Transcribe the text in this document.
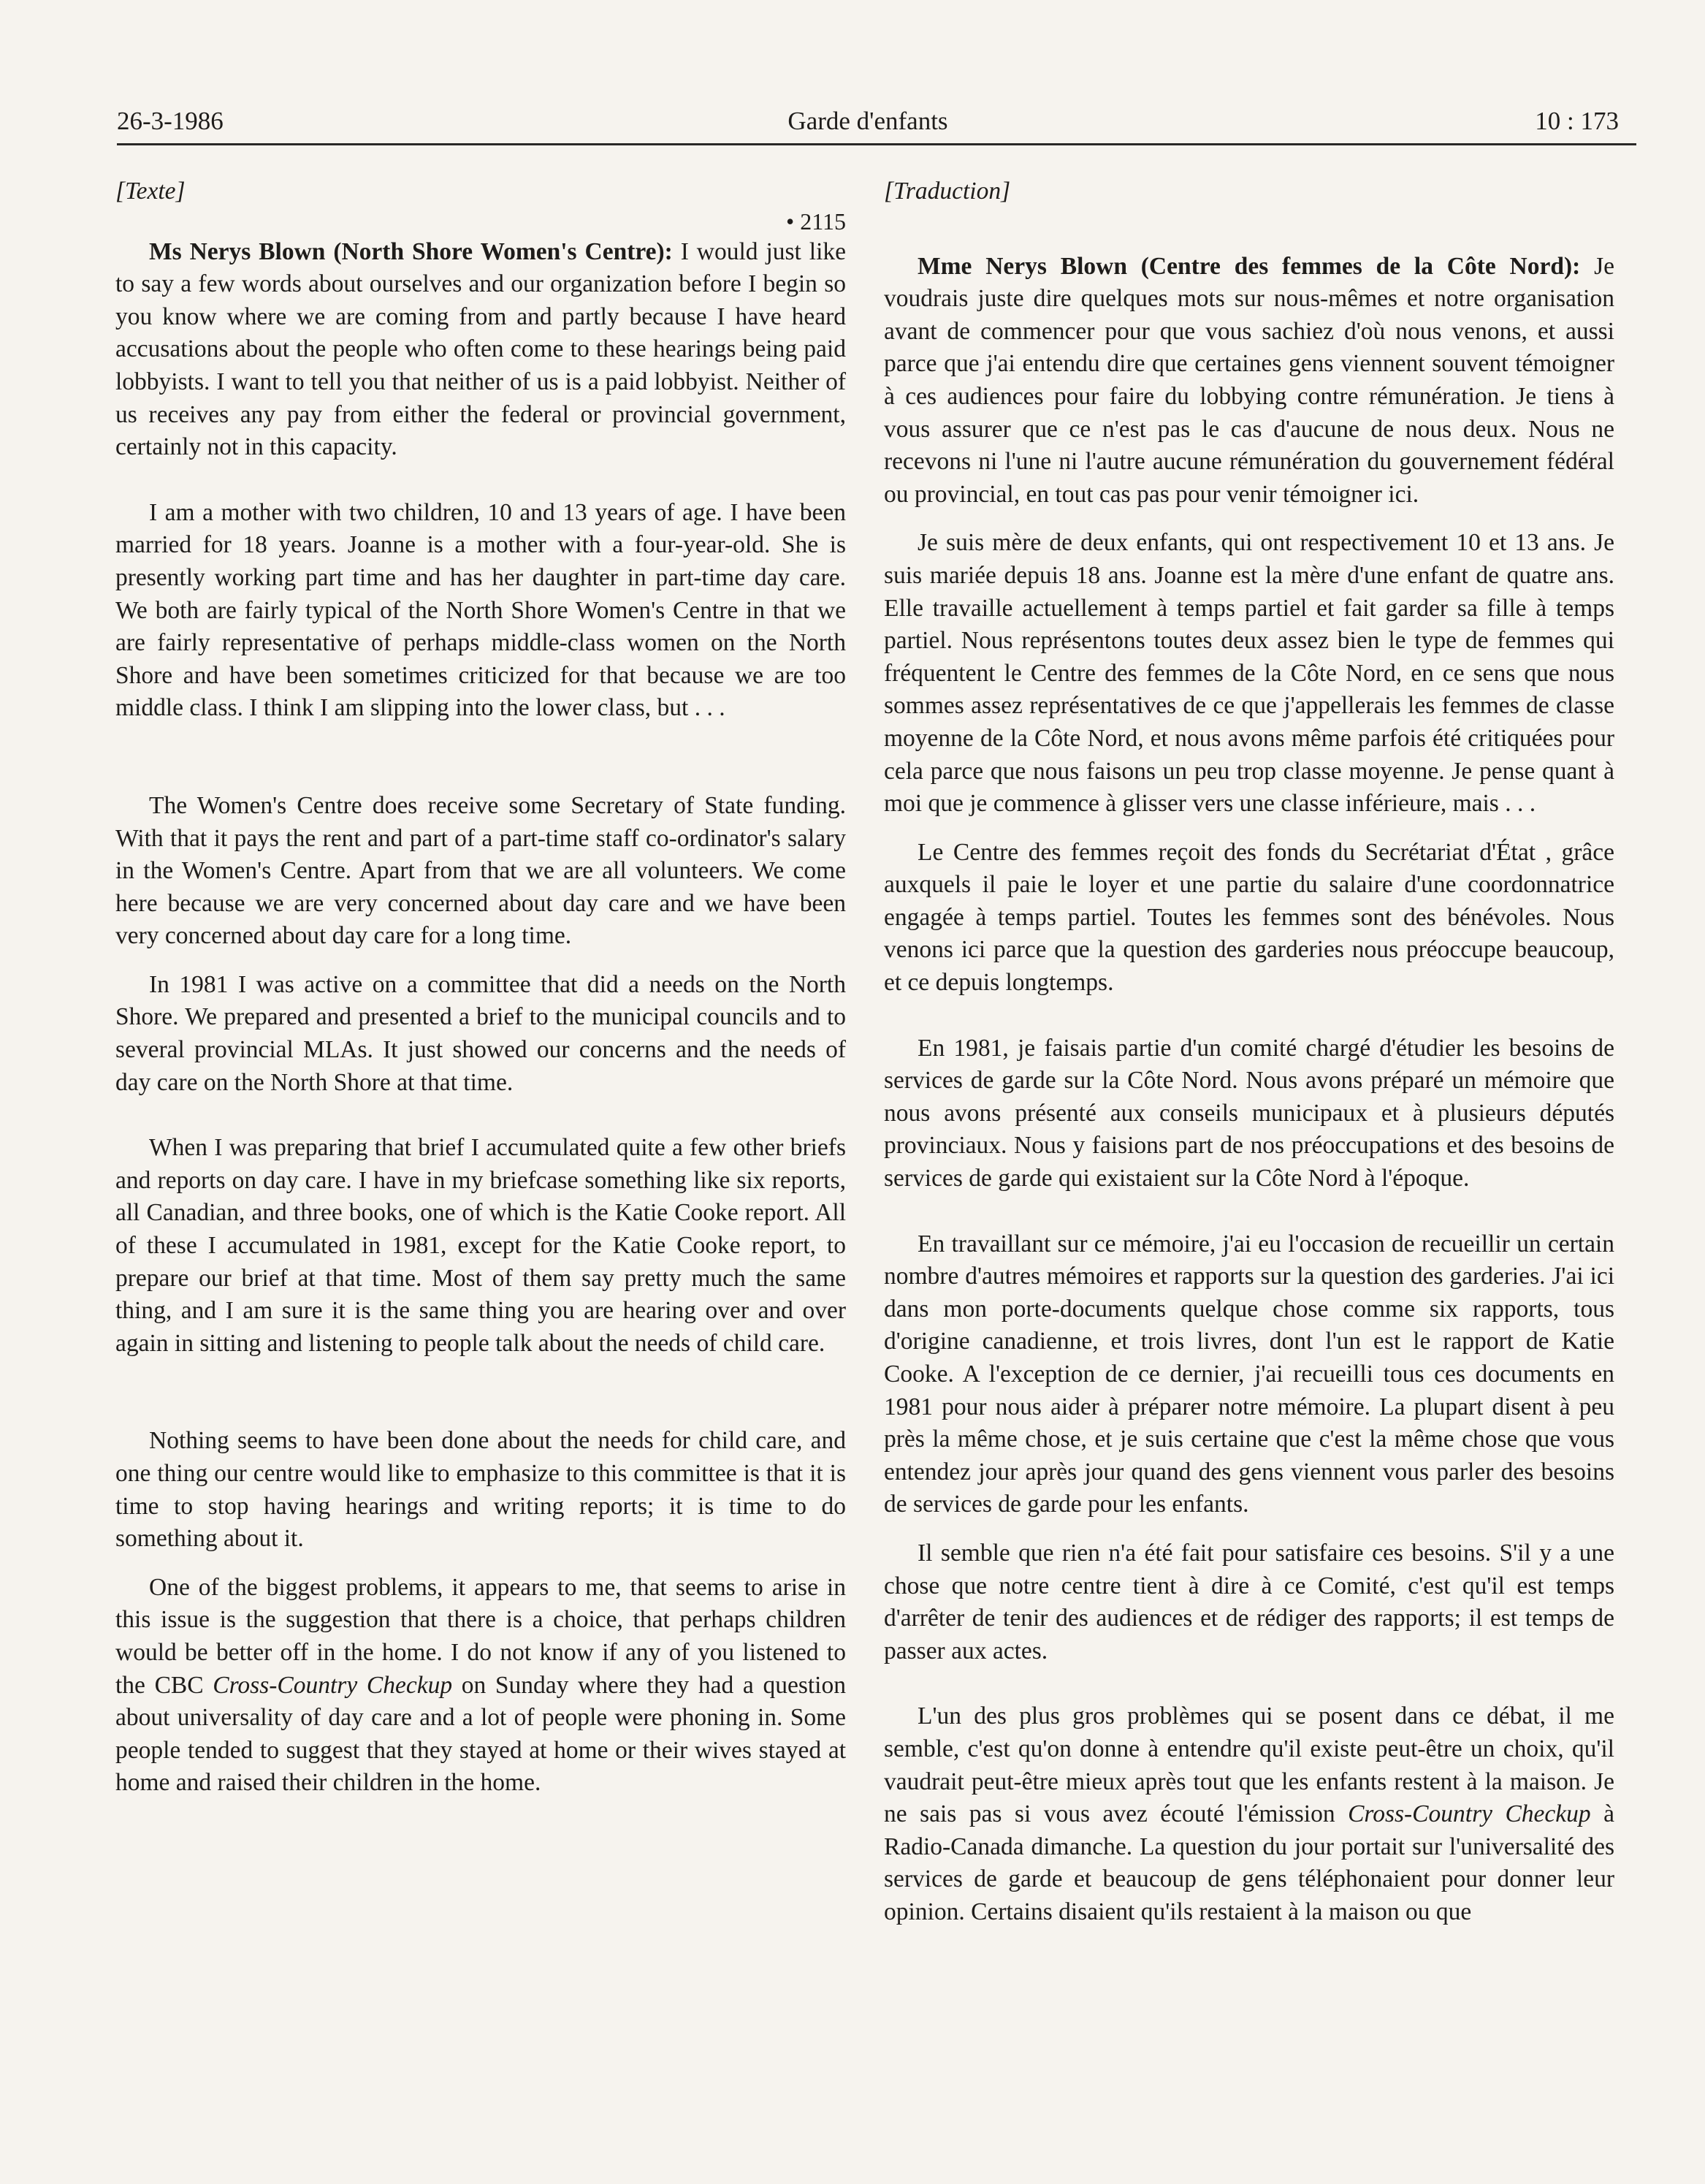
26-3-1986	Garde d'enfants	10 : 173

[Texte]

• 2115

Ms Nerys Blown (North Shore Women's Centre): I would just like to say a few words about ourselves and our organization before I begin so you know where we are coming from and partly because I have heard accusations about the people who often come to these hearings being paid lobbyists. I want to tell you that neither of us is a paid lobbyist. Neither of us receives any pay from either the federal or provincial government, certainly not in this capacity.

I am a mother with two children, 10 and 13 years of age. I have been married for 18 years. Joanne is a mother with a four-year-old. She is presently working part time and has her daughter in part-time day care. We both are fairly typical of the North Shore Women's Centre in that we are fairly representative of perhaps middle-class women on the North Shore and have been sometimes criticized for that because we are too middle class. I think I am slipping into the lower class, but . . .

The Women's Centre does receive some Secretary of State funding. With that it pays the rent and part of a part-time staff co-ordinator's salary in the Women's Centre. Apart from that we are all volunteers. We come here because we are very concerned about day care and we have been very concerned about day care for a long time.

In 1981 I was active on a committee that did a needs on the North Shore. We prepared and presented a brief to the municipal councils and to several provincial MLAs. It just showed our concerns and the needs of day care on the North Shore at that time.

When I was preparing that brief I accumulated quite a few other briefs and reports on day care. I have in my briefcase something like six reports, all Canadian, and three books, one of which is the Katie Cooke report. All of these I accumulated in 1981, except for the Katie Cooke report, to prepare our brief at that time. Most of them say pretty much the same thing, and I am sure it is the same thing you are hearing over and over again in sitting and listening to people talk about the needs of child care.

Nothing seems to have been done about the needs for child care, and one thing our centre would like to emphasize to this committee is that it is time to stop having hearings and writing reports; it is time to do something about it.

One of the biggest problems, it appears to me, that seems to arise in this issue is the suggestion that there is a choice, that perhaps children would be better off in the home. I do not know if any of you listened to the CBC Cross-Country Checkup on Sunday where they had a question about universality of day care and a lot of people were phoning in. Some people tended to suggest that they stayed at home or their wives stayed at home and raised their children in the home.

[Traduction]

Mme Nerys Blown (Centre des femmes de la Côte Nord): Je voudrais juste dire quelques mots sur nous-mêmes et notre organisation avant de commencer pour que vous sachiez d'où nous venons, et aussi parce que j'ai entendu dire que certaines gens viennent souvent témoigner à ces audiences pour faire du lobbying contre rémunération. Je tiens à vous assurer que ce n'est pas le cas d'aucune de nous deux. Nous ne recevons ni l'une ni l'autre aucune rémunération du gouvernement fédéral ou provincial, en tout cas pas pour venir témoigner ici.

Je suis mère de deux enfants, qui ont respectivement 10 et 13 ans. Je suis mariée depuis 18 ans. Joanne est la mère d'une enfant de quatre ans. Elle travaille actuellement à temps partiel et fait garder sa fille à temps partiel. Nous représentons toutes deux assez bien le type de femmes qui fréquentent le Centre des femmes de la Côte Nord, en ce sens que nous sommes assez représentatives de ce que j'appellerais les femmes de classe moyenne de la Côte Nord, et nous avons même parfois été critiquées pour cela parce que nous faisons un peu trop classe moyenne. Je pense quant à moi que je commence à glisser vers une classe inférieure, mais . . .

Le Centre des femmes reçoit des fonds du Secrétariat d'État , grâce auxquels il paie le loyer et une partie du salaire d'une coordonnatrice engagée à temps partiel. Toutes les femmes sont des bénévoles. Nous venons ici parce que la question des garderies nous préoccupe beaucoup, et ce depuis longtemps.

En 1981, je faisais partie d'un comité chargé d'étudier les besoins de services de garde sur la Côte Nord. Nous avons préparé un mémoire que nous avons présenté aux conseils municipaux et à plusieurs députés provinciaux. Nous y faisions part de nos préoccupations et des besoins de services de garde qui existaient sur la Côte Nord à l'époque.

En travaillant sur ce mémoire, j'ai eu l'occasion de recueillir un certain nombre d'autres mémoires et rapports sur la question des garderies. J'ai ici dans mon porte-documents quelque chose comme six rapports, tous d'origine canadienne, et trois livres, dont l'un est le rapport de Katie Cooke. A l'exception de ce dernier, j'ai recueilli tous ces documents en 1981 pour nous aider à préparer notre mémoire. La plupart disent à peu près la même chose, et je suis certaine que c'est la même chose que vous entendez jour après jour quand des gens viennent vous parler des besoins de services de garde pour les enfants.

Il semble que rien n'a été fait pour satisfaire ces besoins. S'il y a une chose que notre centre tient à dire à ce Comité, c'est qu'il est temps d'arrêter de tenir des audiences et de rédiger des rapports; il est temps de passer aux actes.

L'un des plus gros problèmes qui se posent dans ce débat, il me semble, c'est qu'on donne à entendre qu'il existe peut-être un choix, qu'il vaudrait peut-être mieux après tout que les enfants restent à la maison. Je ne sais pas si vous avez écouté l'émission Cross-Country Checkup à Radio-Canada dimanche. La question du jour portait sur l'universalité des services de garde et beaucoup de gens téléphonaient pour donner leur opinion. Certains disaient qu'ils restaient à la maison ou que
